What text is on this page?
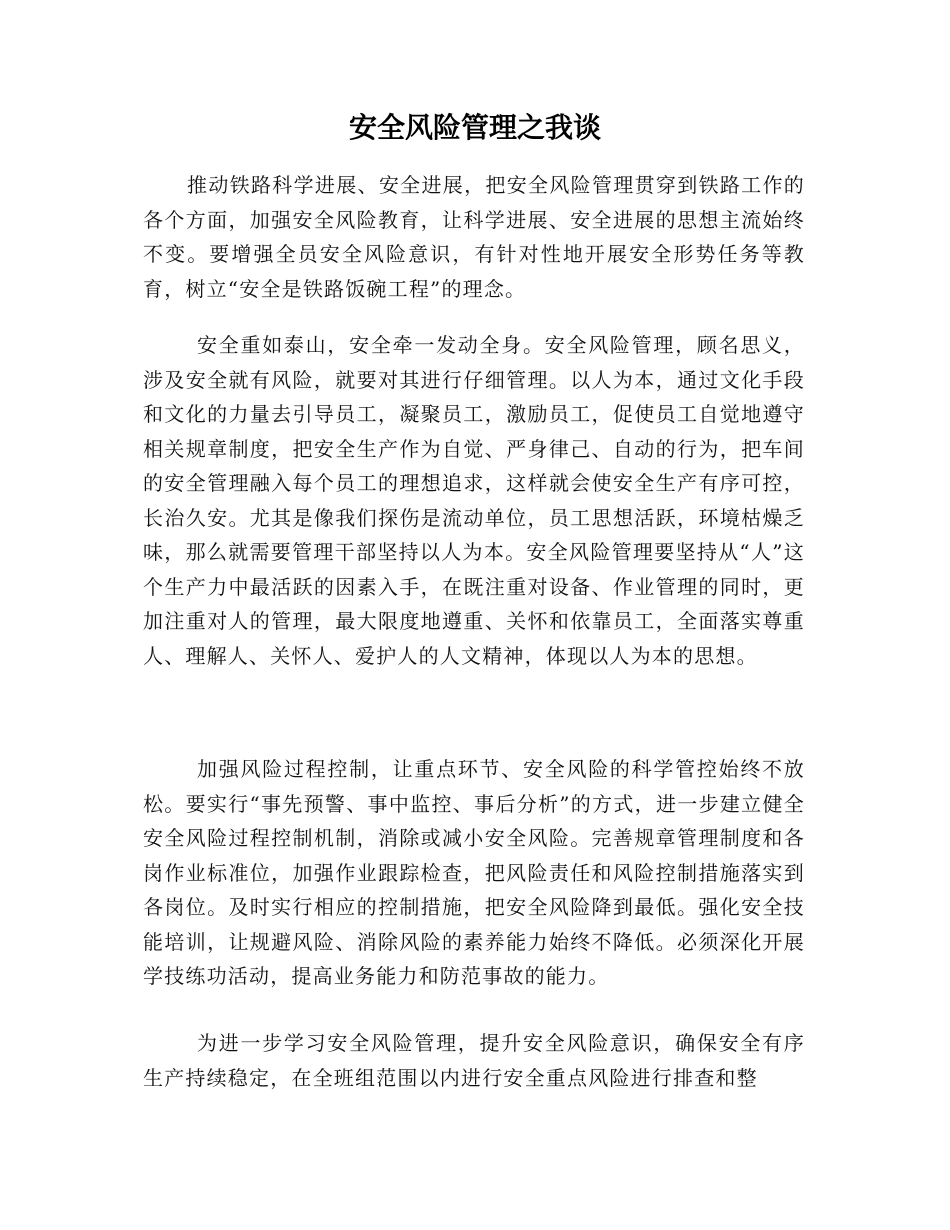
安全风险管理之我谈

推动铁路科学进展、安全进展，把安全风险管理贯穿到铁路工作的各个方面，加强安全风险教育，让科学进展、安全进展的思想主流始终不变。要增强全员安全风险意识，有针对性地开展安全形势任务等教育，树立“安全是铁路饭碗工程”的理念。

安全重如泰山，安全牵一发动全身。安全风险管理，顾名思义，涉及安全就有风险，就要对其进行仔细管理。以人为本，通过文化手段和文化的力量去引导员工，凝聚员工，激励员工，促使员工自觉地遵守相关规章制度，把安全生产作为自觉、严身律己、自动的行为，把车间的安全管理融入每个员工的理想追求，这样就会使安全生产有序可控，长治久安。尤其是像我们探伤是流动单位，员工思想活跃，环境枯燥乏味，那么就需要管理干部坚持以人为本。安全风险管理要坚持从“人”这个生产力中最活跃的因素入手，在既注重对设备、作业管理的同时，更加注重对人的管理，最大限度地遵重、关怀和依靠员工，全面落实尊重人、理解人、关怀人、爱护人的人文精神，体现以人为本的思想。

加强风险过程控制，让重点环节、安全风险的科学管控始终不放松。要实行“事先预警、事中监控、事后分析”的方式，进一步建立健全安全风险过程控制机制，消除或减小安全风险。完善规章管理制度和各岗作业标准位，加强作业跟踪检查，把风险责任和风险控制措施落实到各岗位。及时实行相应的控制措施，把安全风险降到最低。强化安全技能培训，让规避风险、消除风险的素养能力始终不降低。必须深化开展学技练功活动，提高业务能力和防范事故的能力。

为进一步学习安全风险管理，提升安全风险意识，确保安全有序生产持续稳定，在全班组范围以内进行安全重点风险进行排查和整
